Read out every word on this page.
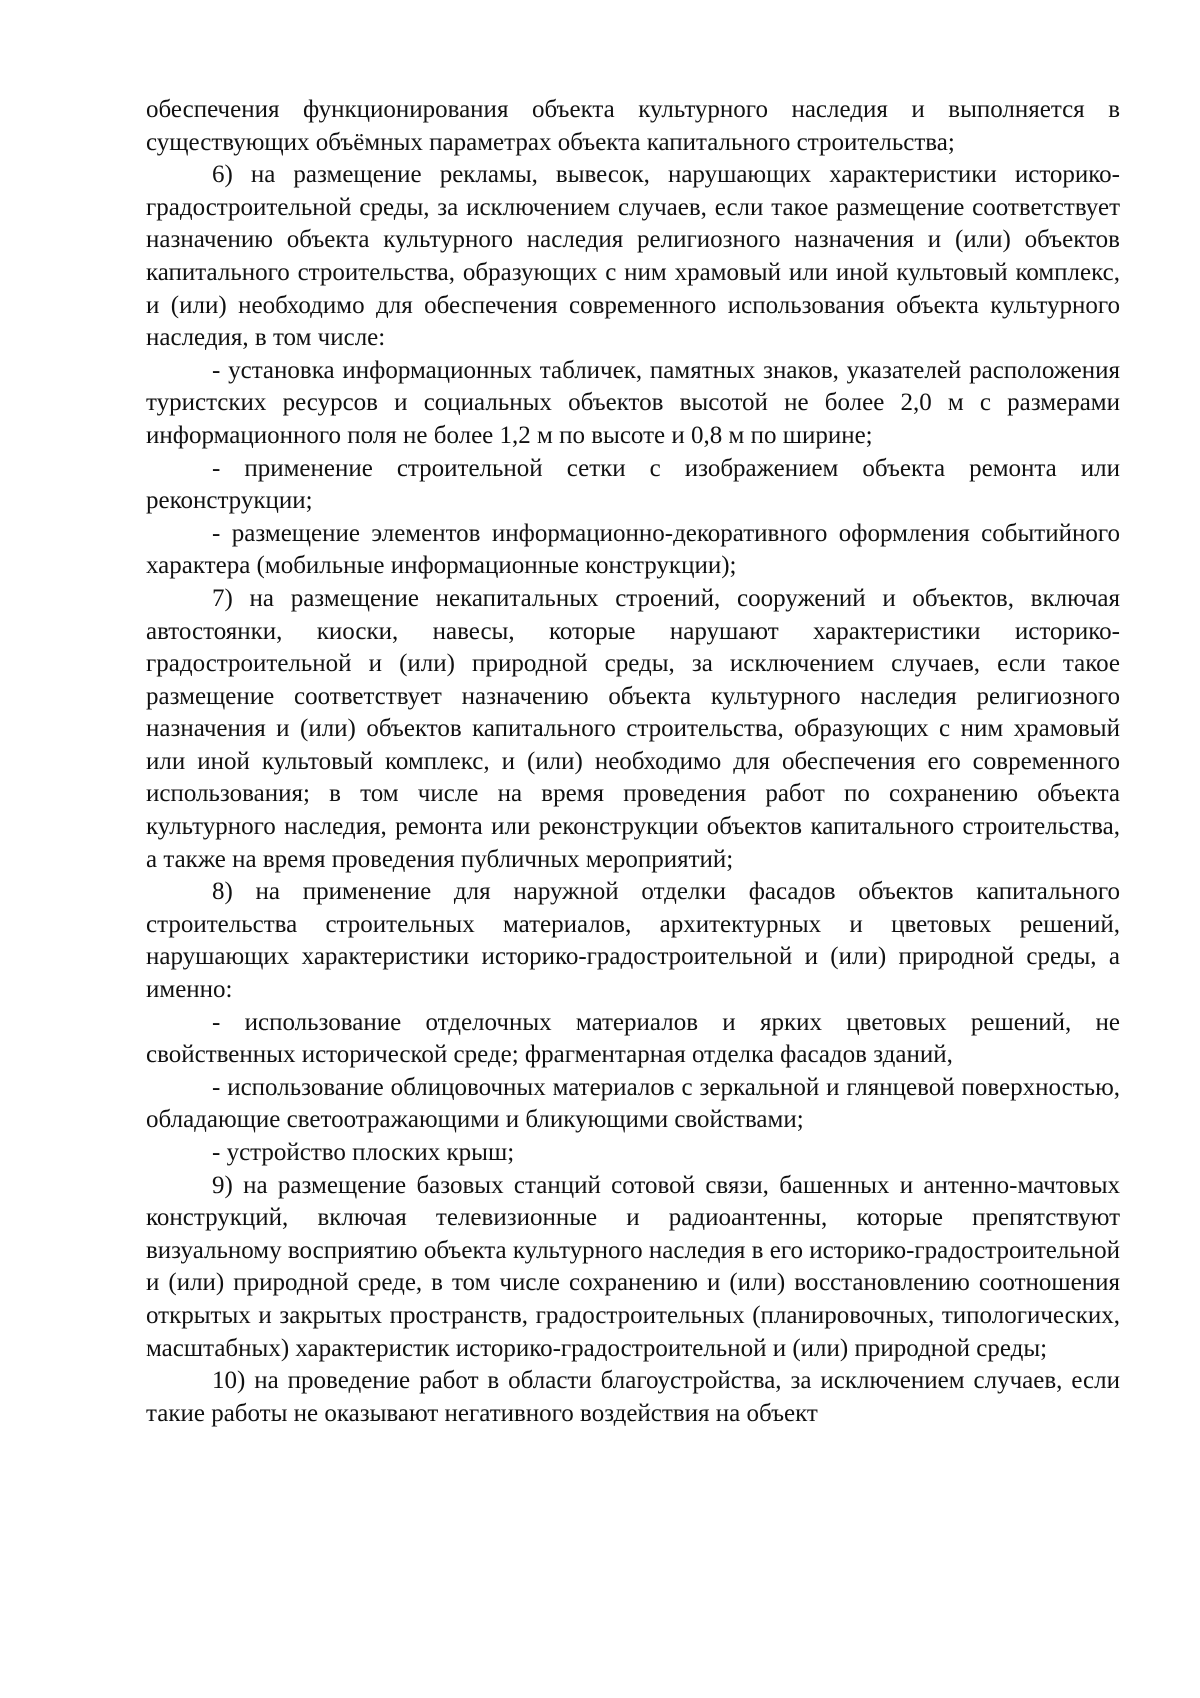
обеспечения функционирования объекта культурного наследия и выполняется в существующих объёмных параметрах объекта капитального строительства;

6) на размещение рекламы, вывесок, нарушающих характеристики историко-градостроительной среды, за исключением случаев, если такое размещение соответствует назначению объекта культурного наследия религиозного назначения и (или) объектов капитального строительства, образующих с ним храмовый или иной культовый комплекс, и (или) необходимо для обеспечения современного использования объекта культурного наследия, в том числе:

- установка информационных табличек, памятных знаков, указателей расположения туристских ресурсов и социальных объектов высотой не более 2,0 м с размерами информационного поля не более 1,2 м по высоте и 0,8 м по ширине;

- применение строительной сетки с изображением объекта ремонта или реконструкции;

- размещение элементов информационно-декоративного оформления событийного характера (мобильные информационные конструкции);

7) на размещение некапитальных строений, сооружений и объектов, включая автостоянки, киоски, навесы, которые нарушают характеристики историко-градостроительной и (или) природной среды, за исключением случаев, если такое размещение соответствует назначению объекта культурного наследия религиозного назначения и (или) объектов капитального строительства, образующих с ним храмовый или иной культовый комплекс, и (или) необходимо для обеспечения его современного использования; в том числе на время проведения работ по сохранению объекта культурного наследия, ремонта или реконструкции объектов капитального строительства, а также на время проведения публичных мероприятий;

8) на применение для наружной отделки фасадов объектов капитального строительства строительных материалов, архитектурных и цветовых решений, нарушающих характеристики историко-градостроительной и (или) природной среды, а именно:

- использование отделочных материалов и ярких цветовых решений, не свойственных исторической среде; фрагментарная отделка фасадов зданий,

- использование облицовочных материалов с зеркальной и глянцевой поверхностью, обладающие светоотражающими и бликующими свойствами;

- устройство плоских крыш;

9) на размещение базовых станций сотовой связи, башенных и антенно-мачтовых конструкций, включая телевизионные и радиоантенны, которые препятствуют визуальному восприятию объекта культурного наследия в его историко-градостроительной и (или) природной среде, в том числе сохранению и (или) восстановлению соотношения открытых и закрытых пространств, градостроительных (планировочных, типологических, масштабных) характеристик историко-градостроительной и (или) природной среды;

10) на проведение работ в области благоустройства, за исключением случаев, если такие работы не оказывают негативного воздействия на объект
